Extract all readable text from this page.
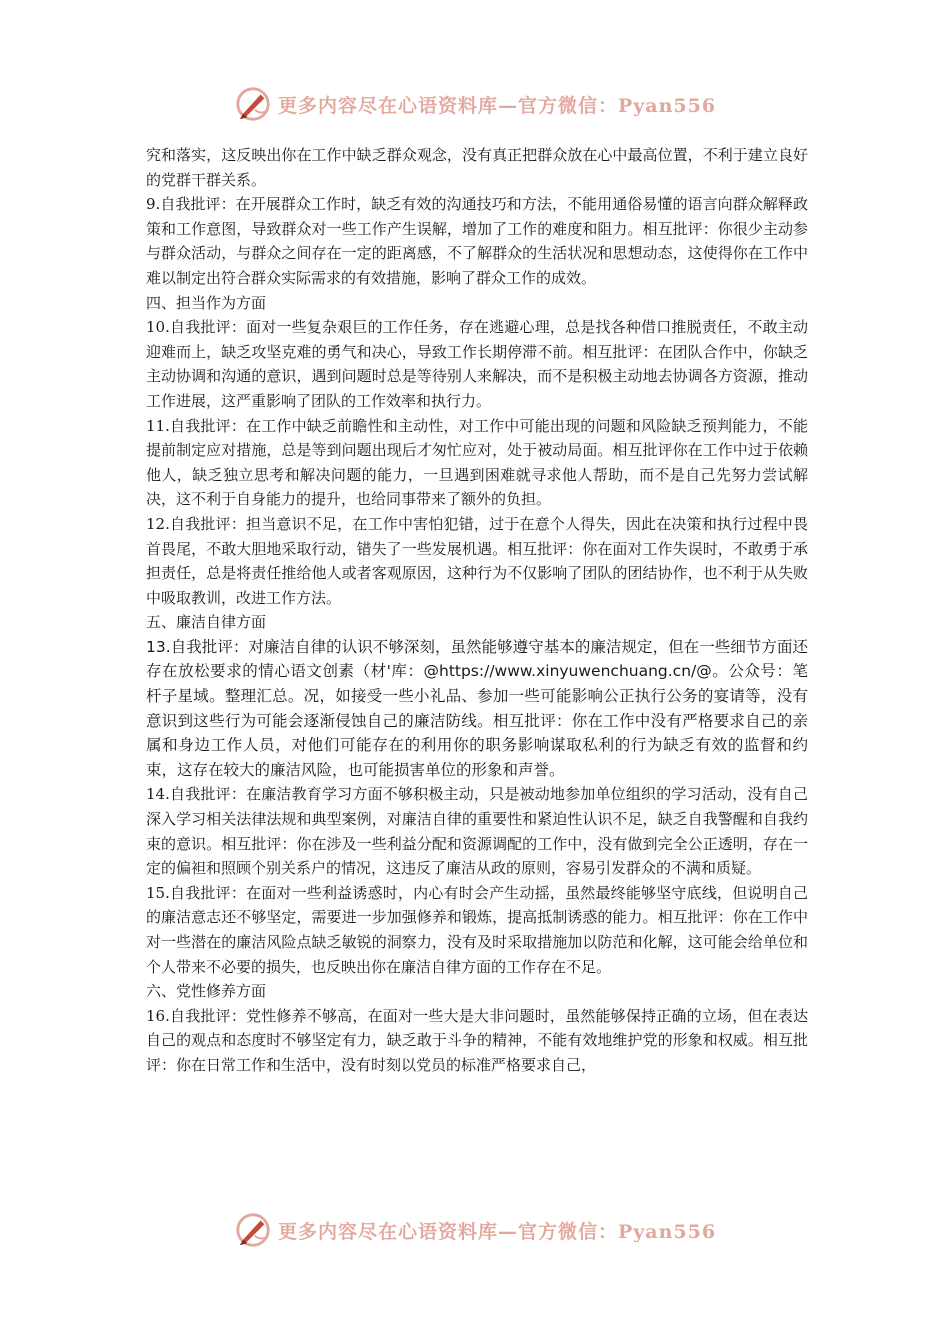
更多内容尽在心语资料库—官方微信：Pyan556

究和落实，这反映出你在工作中缺乏群众观念，没有真正把群众放在心中最高位置，不利于建立良好的党群干群关系。

9.自我批评：在开展群众工作时，缺乏有效的沟通技巧和方法，不能用通俗易懂的语言向群众解释政策和工作意图，导致群众对一些工作产生误解，增加了工作的难度和阻力。相互批评：你很少主动参与群众活动，与群众之间存在一定的距离感，不了解群众的生活状况和思想动态，这使得你在工作中难以制定出符合群众实际需求的有效措施，影响了群众工作的成效。

四、担当作为方面

10.自我批评：面对一些复杂艰巨的工作任务，存在逃避心理，总是找各种借口推脱责任，不敢主动迎难而上，缺乏攻坚克难的勇气和决心，导致工作长期停滞不前。相互批评：在团队合作中，你缺乏主动协调和沟通的意识，遇到问题时总是等待别人来解决，而不是积极主动地去协调各方资源，推动工作进展，这严重影响了团队的工作效率和执行力。

11.自我批评：在工作中缺乏前瞻性和主动性，对工作中可能出现的问题和风险缺乏预判能力，不能提前制定应对措施，总是等到问题出现后才匆忙应对，处于被动局面。相互批评你在工作中过于依赖他人，缺乏独立思考和解决问题的能力，一旦遇到困难就寻求他人帮助，而不是自己先努力尝试解决，这不利于自身能力的提升，也给同事带来了额外的负担。

12.自我批评：担当意识不足，在工作中害怕犯错，过于在意个人得失，因此在决策和执行过程中畏首畏尾，不敢大胆地采取行动，错失了一些发展机遇。相互批评：你在面对工作失误时，不敢勇于承担责任，总是将责任推给他人或者客观原因，这种行为不仅影响了团队的团结协作，也不利于从失败中吸取教训，改进工作方法。

五、廉洁自律方面

13.自我批评：对廉洁自律的认识不够深刻，虽然能够遵守基本的廉洁规定，但在一些细节方面还存在放松要求的情心语文创素（材'库：@https://www.xinyuwenchuang.cn/@。公众号：笔杆子星域。整理汇总。况，如接受一些小礼品、参加一些可能影响公正执行公务的宴请等，没有意识到这些行为可能会逐渐侵蚀自己的廉洁防线。相互批评：你在工作中没有严格要求自己的亲属和身边工作人员，对他们可能存在的利用你的职务影响谋取私利的行为缺乏有效的监督和约束，这存在较大的廉洁风险，也可能损害单位的形象和声誉。

14.自我批评：在廉洁教育学习方面不够积极主动，只是被动地参加单位组织的学习活动，没有自己深入学习相关法律法规和典型案例，对廉洁自律的重要性和紧迫性认识不足，缺乏自我警醒和自我约束的意识。相互批评：你在涉及一些利益分配和资源调配的工作中，没有做到完全公正透明，存在一定的偏袒和照顾个别关系户的情况，这违反了廉洁从政的原则，容易引发群众的不满和质疑。

15.自我批评：在面对一些利益诱惑时，内心有时会产生动摇，虽然最终能够坚守底线，但说明自己的廉洁意志还不够坚定，需要进一步加强修养和锻炼，提高抵制诱惑的能力。相互批评：你在工作中对一些潜在的廉洁风险点缺乏敏锐的洞察力，没有及时采取措施加以防范和化解，这可能会给单位和个人带来不必要的损失，也反映出你在廉洁自律方面的工作存在不足。

六、党性修养方面

16.自我批评：党性修养不够高，在面对一些大是大非问题时，虽然能够保持正确的立场，但在表达自己的观点和态度时不够坚定有力，缺乏敢于斗争的精神，不能有效地维护党的形象和权威。相互批评：你在日常工作和生活中，没有时刻以党员的标准严格要求自己，

更多内容尽在心语资料库—官方微信：Pyan556
